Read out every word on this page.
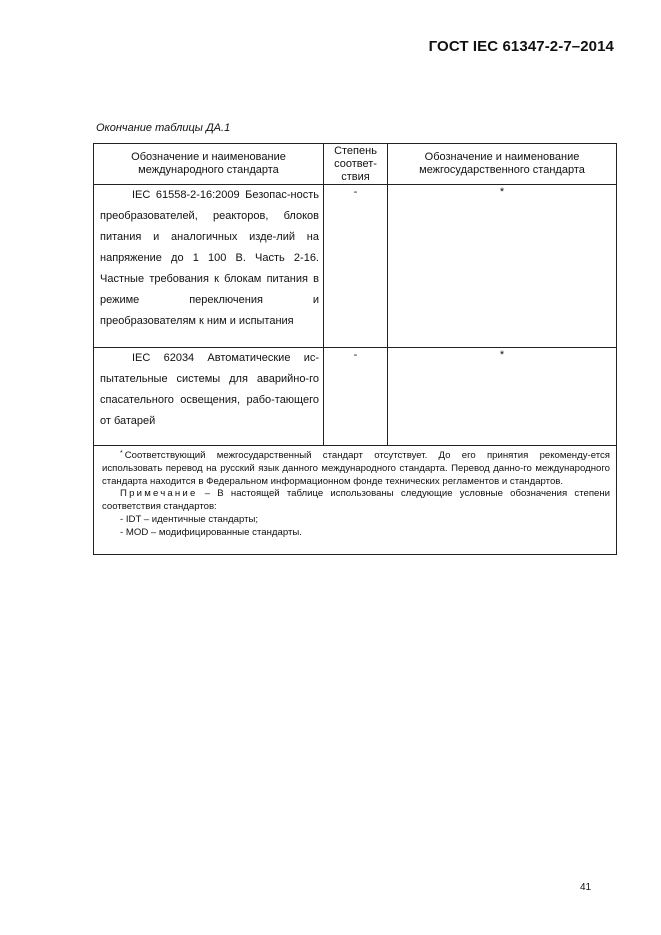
ГОСТ IEC 61347-2-7–2014
Окончание таблицы ДА.1
Обозначение и наименование международного стандарта	Степень соответ-ствия	Обозначение и наименование межгосударственного стандарта

IEC 61558-2-16:2009 Безопас-ность преобразователей, реакторов, блоков питания и аналогичных изде-лий на напряжение до 1 100 В. Часть 2-16. Частные требования к блокам питания в режиме переключения и преобразователям к ним и испытания	-	*

IEC 62034 Автоматические ис-пытательные системы для аварийно-го спасательного освещения, рабо-тающего от батарей	-	*

* Соответствующий межгосударственный стандарт отсутствует. До его принятия рекоменду-ется использовать перевод на русский язык данного международного стандарта. Перевод данно-го международного стандарта находится в Федеральном информационном фонде технических регламентов и стандартов.
Примечание – В настоящей таблице использованы следующие условные обозначения степени соответствия стандартов:
- IDT – идентичные стандарты;
- MOD – модифицированные стандарты.		
41
